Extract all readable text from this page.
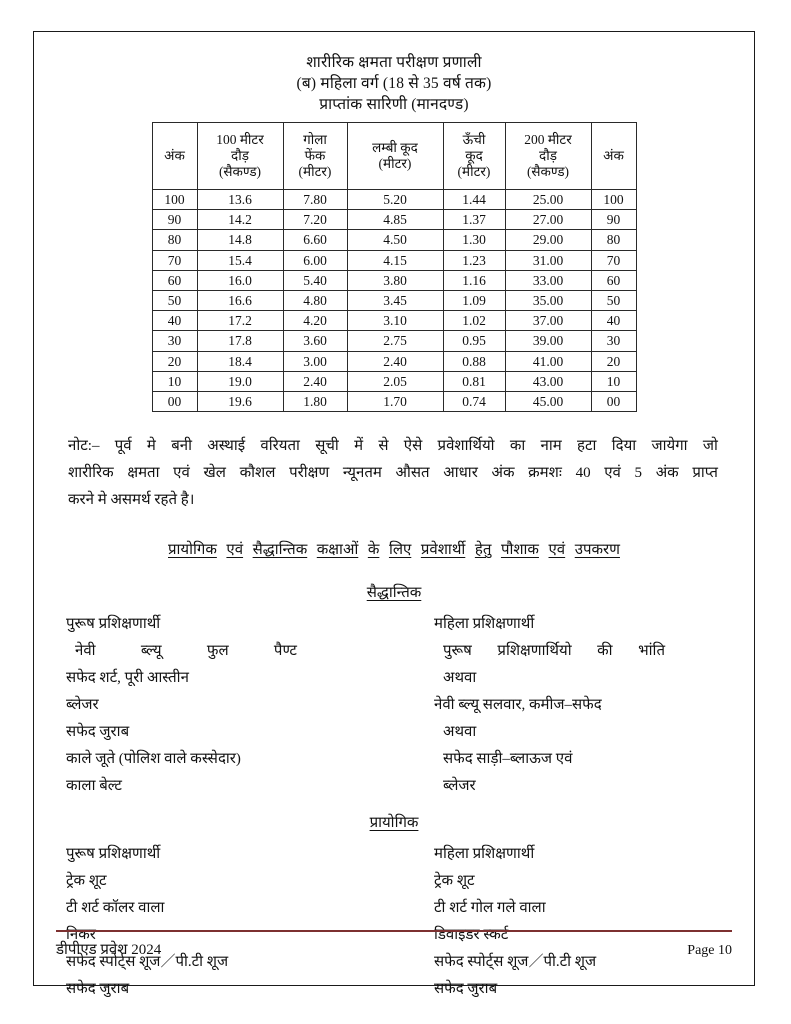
शारीरिक क्षमता परीक्षण प्रणाली
(ब) महिला वर्ग (18 से 35 वर्ष तक)
प्राप्तांक सारिणी (मानदण्ड)
अंक	100 मीटर
दौड़
(सैकण्ड)	गोला
फेंक
(मीटर)	लम्बी कूद
(मीटर)	ऊँची
कूद
(मीटर)	200 मीटर
दौड़
(सैकण्ड)	अंक

100	13.6	7.80	5.20	1.44	25.00	100
90	14.2	7.20	4.85	1.37	27.00	90
80	14.8	6.60	4.50	1.30	29.00	80
70	15.4	6.00	4.15	1.23	31.00	70
60	16.0	5.40	3.80	1.16	33.00	60
50	16.6	4.80	3.45	1.09	35.00	50
40	17.2	4.20	3.10	1.02	37.00	40
30	17.8	3.60	2.75	0.95	39.00	30
20	18.4	3.00	2.40	0.88	41.00	20
10	19.0	2.40	2.05	0.81	43.00	10
00	19.6	1.80	1.70	0.74	45.00	00
नोट:– पूर्व मे बनी अस्थाई वरियता सूची में से ऐसे प्रवेशार्थियो का नाम हटा दिया जायेगा जो
शारीरिक क्षमता एवं खेल कौशल परीक्षण न्यूनतम औसत आधार अंक क्रमशः 40 एवं 5 अंक प्राप्त
करने मे असमर्थ रहते है।
प्रायोगिक एवं सैद्धान्तिक कक्षाओं के लिए प्रवेशार्थी हेतु पौशाक एवं उपकरण
सैद्धान्तिक
पुरूष प्रशिक्षणार्थी
नेवी	ब्ल्यू	फुल	पैण्ट
सफेद शर्ट, पूरी आस्तीन
ब्लेजर
सफेद जुराब
काले जूते (पोलिश वाले कस्सेदार)
काला बेल्ट
महिला प्रशिक्षणार्थी
पुरूष प्रशिक्षणार्थियो की भांति
अथवा
नेवी ब्ल्यू सलवार, कमीज–सफेद
अथवा
सफेद साड़ी–ब्लाऊज एवं
ब्लेजर
प्रायोगिक
पुरूष प्रशिक्षणार्थी
ट्रेक शूट
टी शर्ट कॉलर वाला
निकर
सफेद स्पोर्ट्स शूज／पी.टी शूज
सफेद जुराब
महिला प्रशिक्षणार्थी
ट्रेक शूट
टी शर्ट गोल गले वाला
डिवाइडर स्कर्ट
सफेद स्पोर्ट्स शूज／पी.टी शूज
सफेद जुराब
डीपीएड प्रवेश 2024	Page 10
